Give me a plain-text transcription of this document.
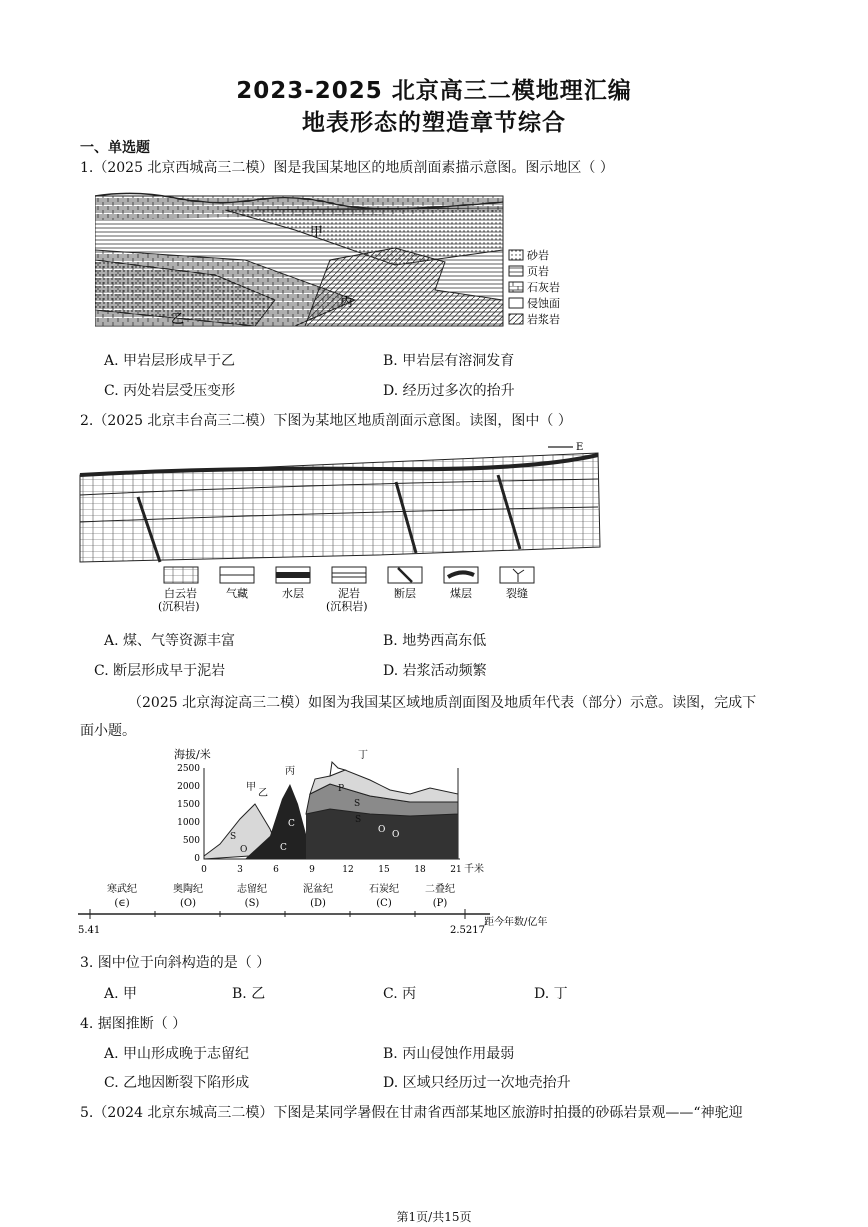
2023-2025 北京高三二模地理汇编
地表形态的塑造章节综合
一、单选题
1.（2025 北京西城高三二模）图是我国某地区的地质剖面素描示意图。图示地区（ ）
甲
乙
丙
砂岩
页岩
石灰岩
侵蚀面
岩浆岩
A. 甲岩层形成早于乙	B. 甲岩层有溶洞发育
C. 丙处岩层受压变形	D. 经历过多次的抬升
2.（2025 北京丰台高三二模）下图为某地区地质剖面示意图。读图，图中（ ）
E
白云岩
(沉积岩)
气藏	水层	泥岩
(沉积岩)
断层	煤层	裂缝
A. 煤、气等资源丰富	B. 地势西高东低
C. 断层形成早于泥岩	D. 岩浆活动频繁
（2025 北京海淀高三二模）如图为我国某区域地质剖面图及地质年代表（部分）示意。读图，完成下
面小题。
海拔/米
2500
2000
1500
1000
500
0
0	3	6	9	12	15	18	21 千米
P
S
S
O O
C
C
S
O
甲
乙
丙
丁
寒武纪
(∈)
奥陶纪
(O)
志留纪
(S)
泥盆纪
(D)
石炭纪
(C)
二叠纪
(P)
5.41	2.5217
距今年数/亿年
3. 图中位于向斜构造的是（ ）
A. 甲	B. 乙	C. 丙	D. 丁
4. 据图推断（ ）
A. 甲山形成晚于志留纪	B. 丙山侵蚀作用最弱
C. 乙地因断裂下陷形成	D. 区域只经历过一次地壳抬升
5.（2024 北京东城高三二模）下图是某同学暑假在甘肃省西部某地区旅游时拍摄的砂砾岩景观——“神驼迎
第1页/共15页
